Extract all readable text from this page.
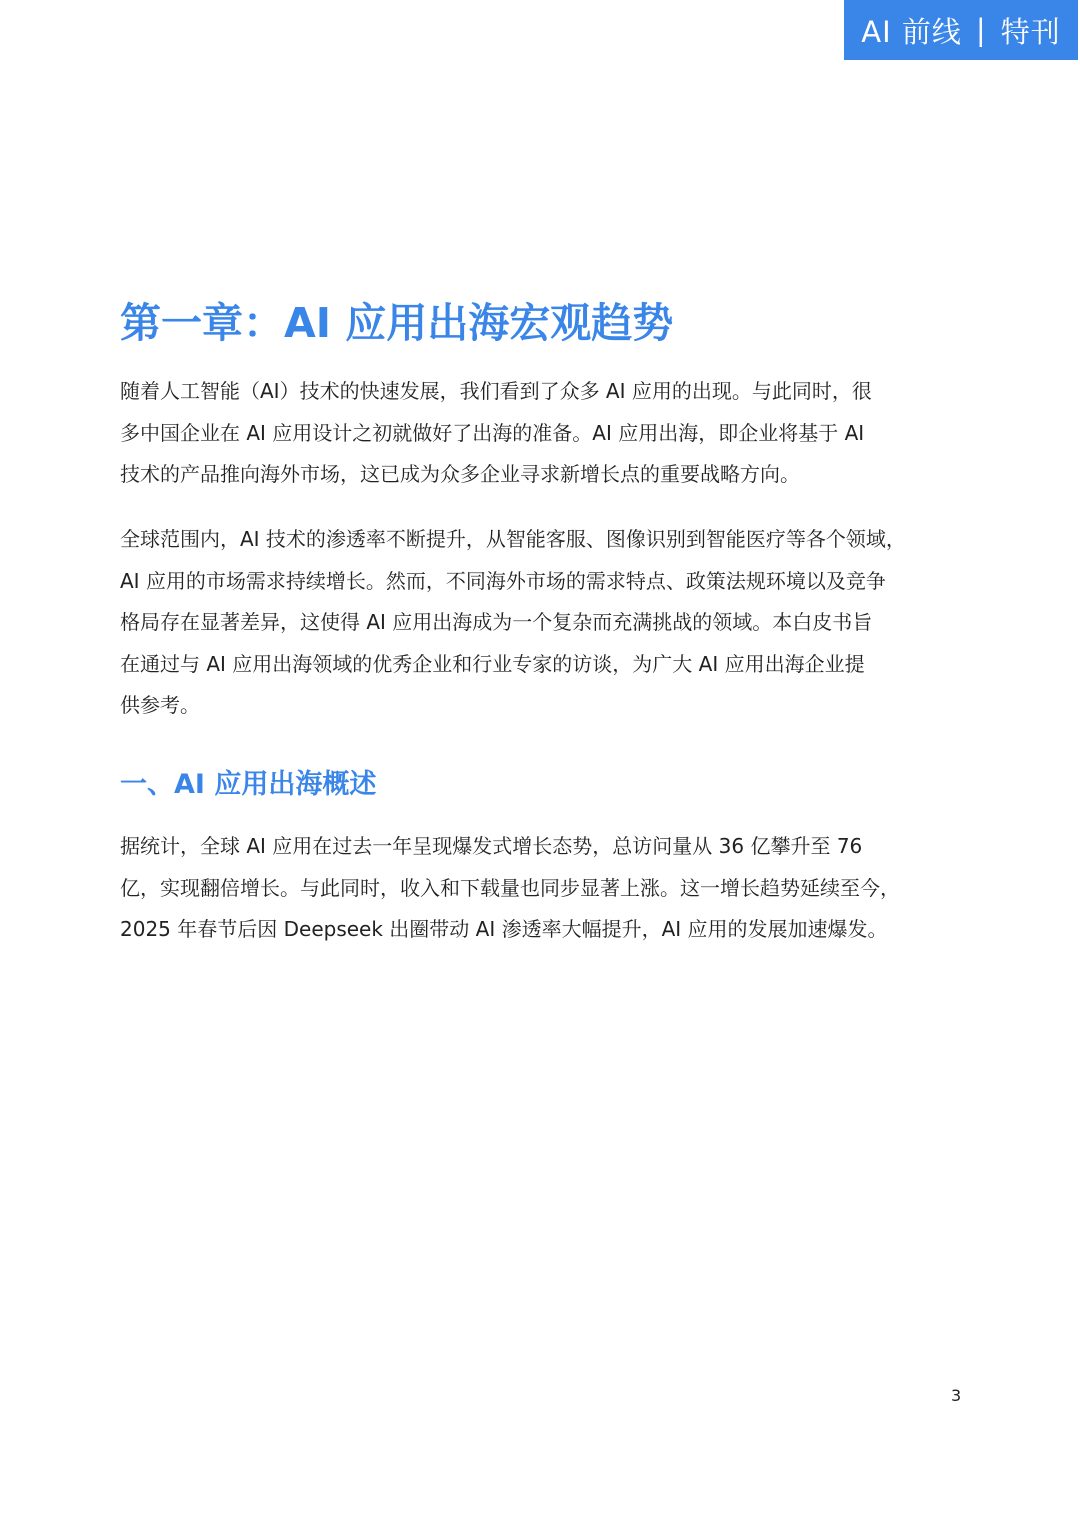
AI 前线 | 特刊
第一章：AI 应用出海宏观趋势
随着人工智能（AI）技术的快速发展，我们看到了众多 AI 应用的出现。与此同时，很
多中国企业在 AI 应用设计之初就做好了出海的准备。AI 应用出海，即企业将基于 AI
技术的产品推向海外市场，这已成为众多企业寻求新增长点的重要战略方向。
全球范围内，AI 技术的渗透率不断提升，从智能客服、图像识别到智能医疗等各个领域，
AI 应用的市场需求持续增长。然而，不同海外市场的需求特点、政策法规环境以及竞争
格局存在显著差异，这使得 AI 应用出海成为一个复杂而充满挑战的领域。本白皮书旨
在通过与 AI 应用出海领域的优秀企业和行业专家的访谈，为广大 AI 应用出海企业提
供参考。
一、AI 应用出海概述
据统计，全球 AI 应用在过去一年呈现爆发式增长态势，总访问量从 36 亿攀升至 76
亿，实现翻倍增长。与此同时，收入和下载量也同步显著上涨。这一增长趋势延续至今，
2025 年春节后因 Deepseek 出圈带动 AI 渗透率大幅提升，AI 应用的发展加速爆发。
3
